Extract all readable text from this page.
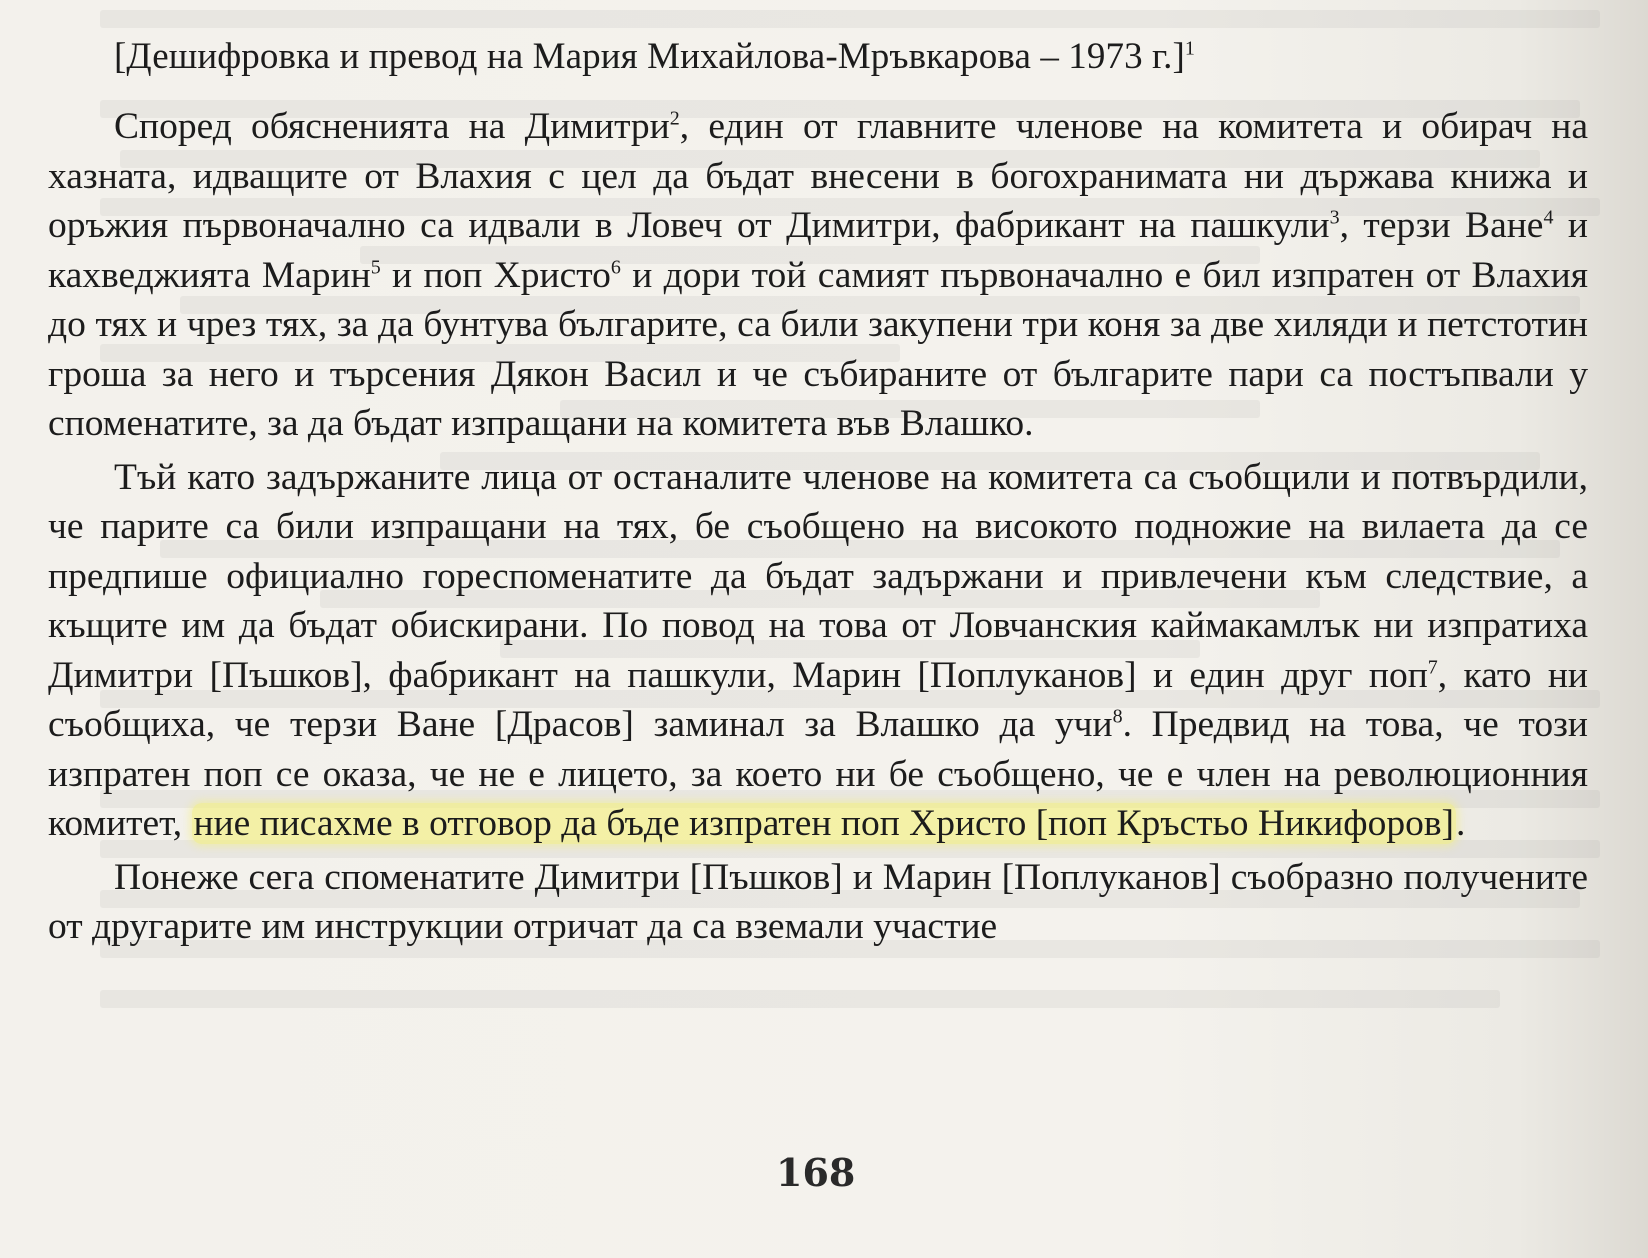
[Дешифровка и превод на Мария Михайлова-Мръвкарова – 1973 г.]$^1$

Според обясненията на Димитри$^2$, един от главните членове на комитета и обирач на хазната, идващите от Влахия с цел да бъдат внесени в богохранимата ни държава книжа и оръжия първоначално са идвали в Ловеч от Димитри, фабрикант на пашкули$^3$, терзи Ване$^4$ и кахведжията Марин$^5$ и поп Христо$^6$ и дори той самият първоначално е бил изпратен от Влахия до тях и чрез тях, за да бунтува българите, са били закупени три коня за две хиляди и петстотин гроша за него и търсения Дякон Васил и че събираните от българите пари са постъпвали у споменатите, за да бъдат изпращани на комитета във Влашко.

Тъй като задържаните лица от останалите членове на комитета са съобщили и потвърдили, че парите са били изпращани на тях, бе съобщено на високото подножие на вилаета да се предпише официално гореспоменатите да бъдат задържани и привлечени към следствие, а къщите им да бъдат обискирани. По повод на това от Ловчанския каймакамлък ни изпратиха Димитри [Пъшков], фабрикант на пашкули, Марин [Поплуканов] и един друг поп$^7$, като ни съобщиха, че терзи Ване [Драсов] заминал за Влашко да учи$^8$. Предвид на това, че този изпратен поп се оказа, че не е лицето, за което ни бе съобщено, че е член на революционния комитет, ние писахме в отговор да бъде изпратен поп Христо [поп Кръстьо Никифоров].

Понеже сега споменатите Димитри [Пъшков] и Марин [Поплуканов] съобразно получените от другарите им инструкции отричат да са вземали участие

168
